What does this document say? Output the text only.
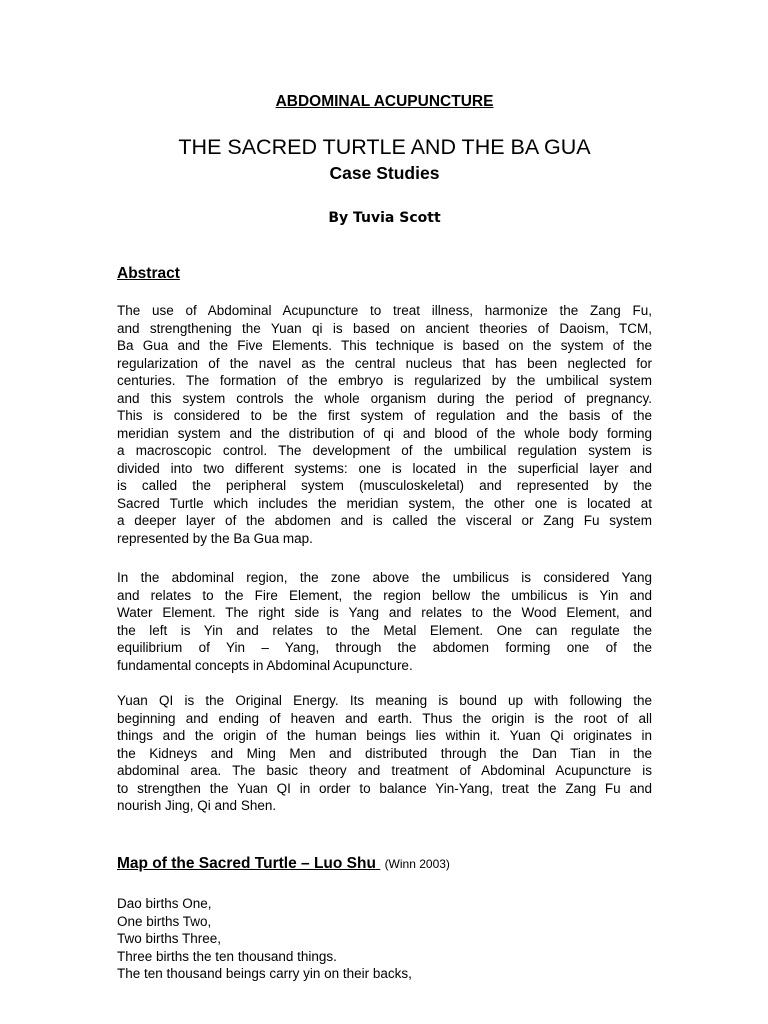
ABDOMINAL ACUPUNCTURE
THE SACRED TURTLE AND THE BA GUA
Case Studies
By Tuvia Scott
Abstract

The use of Abdominal Acupuncture to treat illness, harmonize the Zang Fu,
and strengthening the Yuan qi is based on ancient theories of Daoism, TCM,
Ba Gua and the Five Elements. This technique is based on the system of the
regularization of the navel as the central nucleus that has been neglected for
centuries. The formation of the embryo is regularized by the umbilical system
and this system controls the whole organism during the period of pregnancy.
This is considered to be the first system of regulation and the basis of the
meridian system and the distribution of qi and blood of the whole body forming
a macroscopic control. The development of the umbilical regulation system is
divided into two different systems: one is located in the superficial layer and
is called the peripheral system (musculoskeletal) and represented by the
Sacred Turtle which includes the meridian system, the other one is located at
a deeper layer of the abdomen and is called the visceral or Zang Fu system
represented by the Ba Gua map.

In the abdominal region, the zone above the umbilicus is considered Yang
and relates to the Fire Element, the region bellow the umbilicus is Yin and
Water Element. The right side is Yang and relates to the Wood Element, and
the left is Yin and relates to the Metal Element. One can regulate the
equilibrium of Yin – Yang, through the abdomen forming one of the
fundamental concepts in Abdominal Acupuncture.

Yuan QI is the Original Energy. Its meaning is bound up with following the
beginning and ending of heaven and earth. Thus the origin is the root of all
things and the origin of the human beings lies within it. Yuan Qi originates in
the Kidneys and Ming Men and distributed through the Dan Tian in the
abdominal area. The basic theory and treatment of Abdominal Acupuncture is
to strengthen the Yuan QI in order to balance Yin-Yang, treat the Zang Fu and
nourish Jing, Qi and Shen.

Map of the Sacred Turtle – Luo Shu (Winn 2003)
Dao births One,
One births Two,
Two births Three,
Three births the ten thousand things.
The ten thousand beings carry yin on their backs,
